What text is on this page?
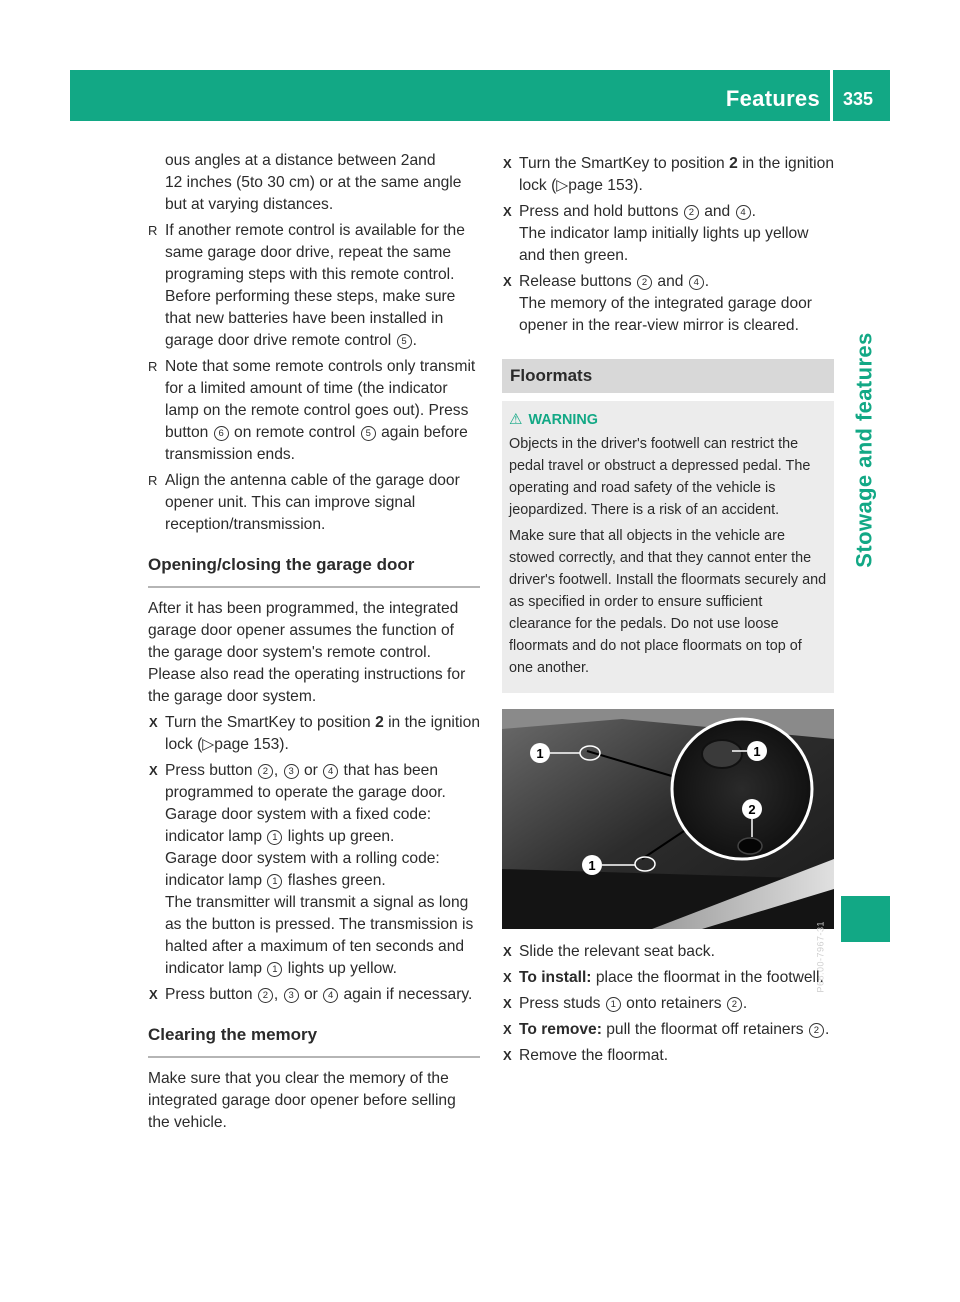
Features 335
Stowage and features

ous angles at a distance between 2and

12 inches (5to 30 cm) or at the same angle

but at varying distances.

R If another remote control is available for the same garage door drive, repeat the same programing steps with this remote control. Before performing these steps, make sure that new batteries have been installed in garage door drive remote control 5 .
R Note that some remote controls only transmit for a limited amount of time (the indicator lamp on the remote control goes out). Press button 6 on remote control 5 again before transmission ends.
R Align the antenna cable of the garage door opener unit. This can improve signal reception/transmission.
Opening/closing the garage door

After it has been programmed, the integrated garage door opener assumes the function of the garage door system's remote control. Please also read the operating instructions for the garage door system.

X Turn the SmartKey to position 2 in the ignition lock (▷page 153).
X Press button 2 , 3 or 4 that has been programmed to operate the garage door.

Garage door system with a fixed code: indicator lamp 1 lights up green.

Garage door system with a rolling code: indicator lamp 1 flashes green.

The transmitter will transmit a signal as long as the button is pressed. The transmission is halted after a maximum of ten seconds and indicator lamp 1 lights up yellow.

X Press button 2 , 3 or 4 again if necessary.
Clearing the memory

Make sure that you clear the memory of the integrated garage door opener before selling the vehicle.

X Turn the SmartKey to position 2 in the ignition lock (▷page 153).
X Press and hold buttons 2 and 4 .

The indicator lamp initially lights up yellow and then green.

X Release buttons 2 and 4 .

The memory of the integrated garage door opener in the rear-view mirror is cleared.

Floormats
⚠ WARNING

Objects in the driver's footwell can restrict the pedal travel or obstruct a depressed pedal. The operating and road safety of the vehicle is jeopardized. There is a risk of an accident.

Make sure that all objects in the vehicle are stowed correctly, and that they cannot enter the driver's footwell. Install the floormats securely and as specified in order to ensure sufficient clearance for the pedals. Do not use loose floormats and do not place floormats on top of one another.

1
1
1
2
P68.00-7967-31
X Slide the relevant seat back.
X To install: place the floormat in the footwell.
X Press studs 1 onto retainers 2 .
X To remove: pull the floormat off retainers 2 .
X Remove the floormat.
